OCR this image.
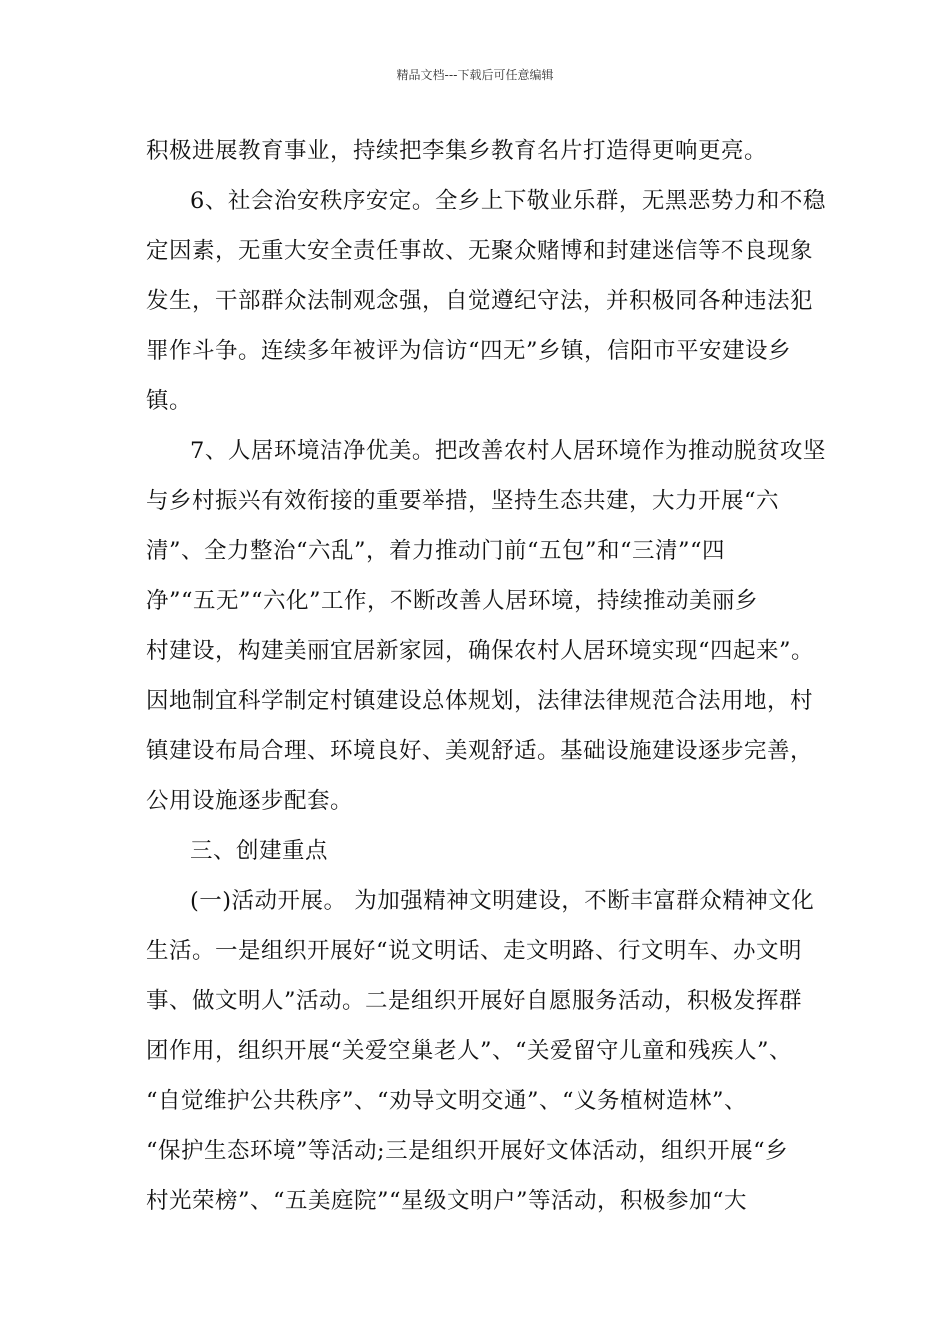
精品文档---下载后可任意编辑
积极进展教育事业，持续把李集乡教育名片打造得更响更亮。
6、社会治安秩序安定。全乡上下敬业乐群，无黑恶势力和不稳
定因素，无重大安全责任事故、无聚众赌博和封建迷信等不良现象
发生，干部群众法制观念强，自觉遵纪守法，并积极同各种违法犯
罪作斗争。连续多年被评为信访“四无”乡镇，信阳市平安建设乡
镇。
7、人居环境洁净优美。把改善农村人居环境作为推动脱贫攻坚
与乡村振兴有效衔接的重要举措，坚持生态共建，大力开展“六
清”、全力整治“六乱”，着力推动门前“五包”和“三清”“四
净”“五无”“六化”工作，不断改善人居环境，持续推动美丽乡
村建设，构建美丽宜居新家园，确保农村人居环境实现“四起来”。
因地制宜科学制定村镇建设总体规划，法律法律规范合法用地，村
镇建设布局合理、环境良好、美观舒适。基础设施建设逐步完善，
公用设施逐步配套。
三、创建重点
(一)活动开展。 为加强精神文明建设，不断丰富群众精神文化
生活。一是组织开展好“说文明话、走文明路、行文明车、办文明
事、做文明人”活动。二是组织开展好自愿服务活动，积极发挥群
团作用，组织开展“关爱空巢老人”、“关爱留守儿童和残疾人”、
“自觉维护公共秩序”、“劝导文明交通”、“义务植树造林”、
“保护生态环境”等活动;三是组织开展好文体活动，组织开展“乡
村光荣榜”、“五美庭院”“星级文明户”等活动，积极参加“大
